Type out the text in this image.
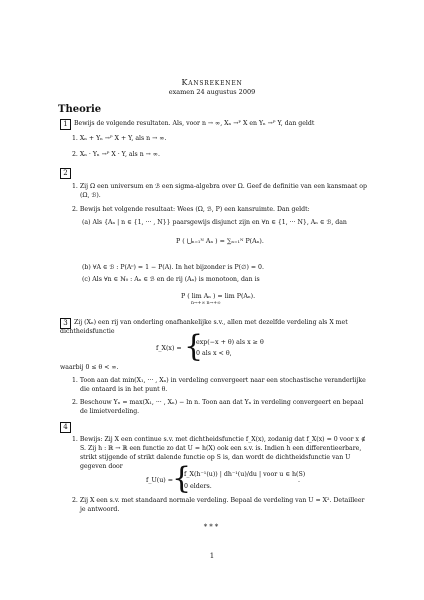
Kansrekenen
examen 24 augustus 2009
Theorie
1	Bewijs de volgende resultaten. Als, voor n → ∞, Xₙ →ᴾ X en Yₙ →ᴾ Y, dan geldt
1. Xₙ + Yₙ →ᴾ X + Y, als n → ∞.
2. Xₙ · Yₙ →ᴾ X · Y, als n → ∞.
2
1. Zij Ω een universum en ℬ een sigma-algebra over Ω. Geef de definitie van een kansmaat op
(Ω, ℬ).
2. Bewijs het volgende resultaat: Wees (Ω, ℬ, P) een kansruimte. Dan geldt:
(a) Als {Aₙ | n ∈ {1, ··· , N}} paarsgewijs disjunct zijn en ∀n ∈ {1, ··· N}, Aₙ ∈ ℬ, dan
P ( ⋃ₙ₌₁ᴺ Aₙ ) = ∑ₙ₌₁ᴺ P(Aₙ).
(b) ∀A ∈ ℬ : P(Aᶜ) = 1 − P(A). In het bijzonder is P(∅) = 0.
(c) Als ∀n ∈ ℕ₀ : Aₙ ∈ ℬ en de rij (Aₙ) is monotoon, dan is
P ( lim Aₙ ) = lim P(Aₙ).
n→+∞ n→+∞
3	Zij (Xₙ) een rij van onderling onafhankelijke s.v., allen met dezelfde verdeling als X met
dichtheidsfunctie
f_X(x) = {
exp(−x + θ) als x ≥ θ
0 als x < θ,
waarbij 0 ≤ θ < ∞.
1. Toon aan dat min(X₁, ··· , Xₙ) in verdeling convergeert naar een stochastische veranderlijke
die ontaard is in het punt θ.
2. Beschouw Yₙ = max(X₁, ··· , Xₙ) − ln n. Toon aan dat Yₙ in verdeling convergeert en bepaal
de limietverdeling.
4
1. Bewijs: Zij X een continue s.v. met dichtheidsfunctie f_X(x), zodanig dat f_X(x) = 0 voor x ∉
S. Zij h : ℝ → ℝ een functie zo dat U = h(X) ook een s.v. is. Indien h een differentieerbare,
strikt stijgende of strikt dalende functie op S is, dan wordt de dichtheidsfunctie van U
gegeven door
f_U(u) =
{
f_X(h⁻¹(u)) | dh⁻¹(u)/du | voor u ∈ h(S)
0 elders.
.
2. Zij X een s.v. met standaard normale verdeling. Bepaal de verdeling van U = X². Detailleer
je antwoord.
***
1
